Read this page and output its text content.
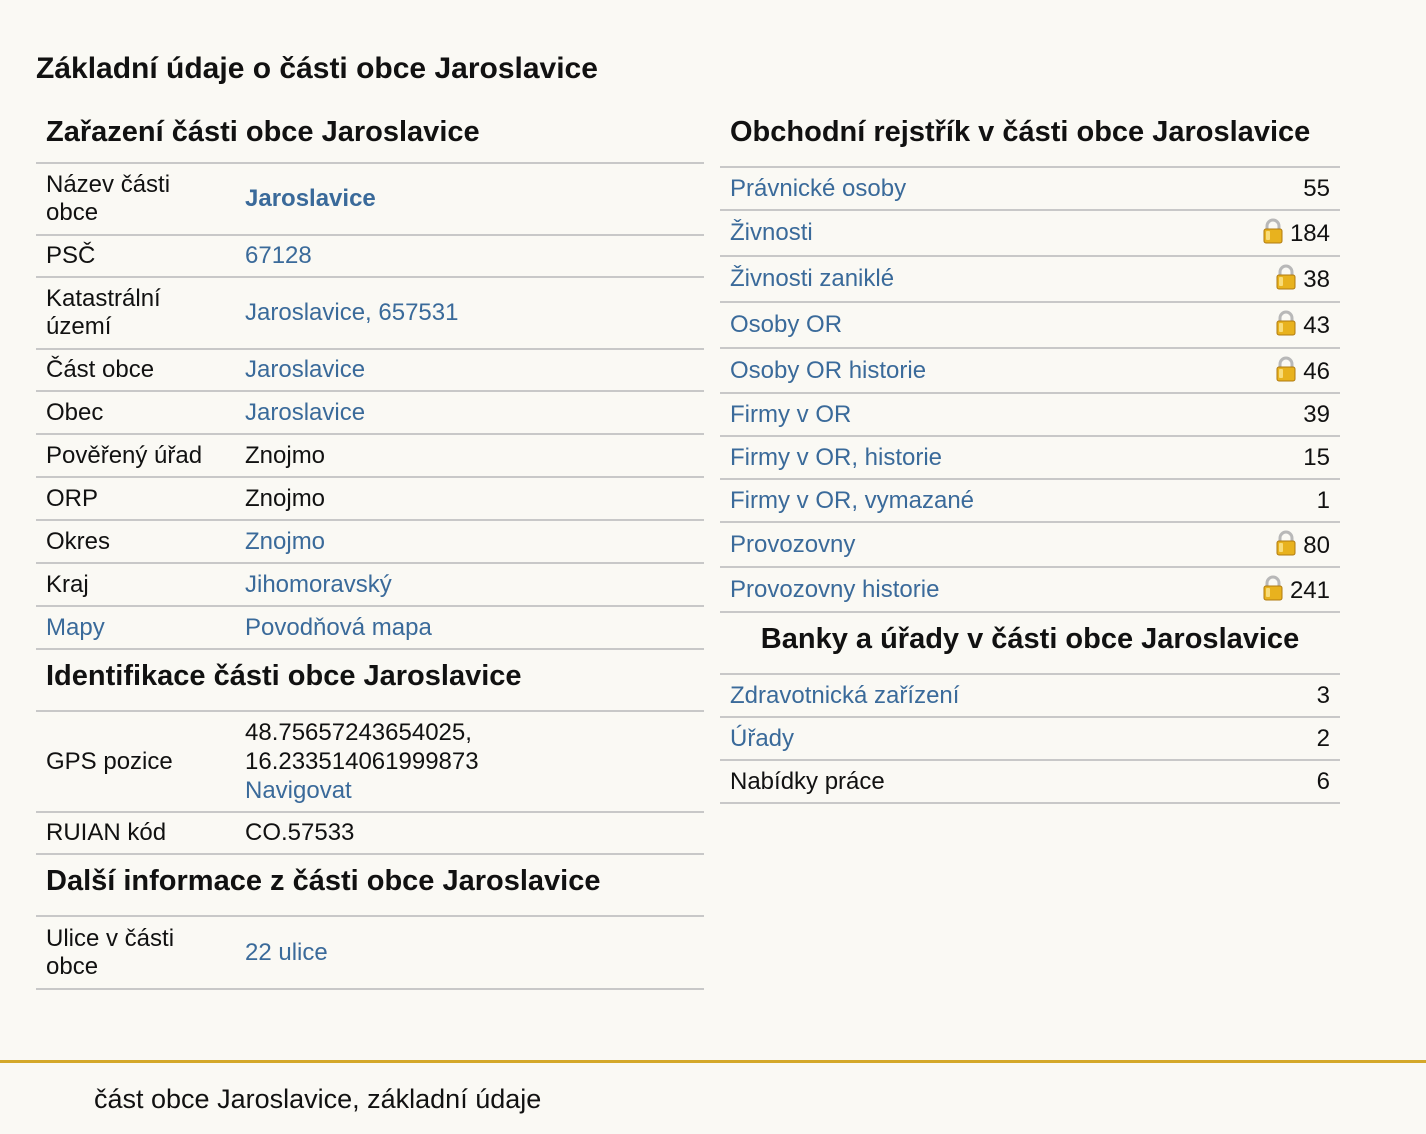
Základní údaje o části obce Jaroslavice
Zařazení části obce Jaroslavice
Název části obce	Jaroslavice
PSČ	67128
Katastrální území	Jaroslavice, 657531
Část obce	Jaroslavice
Obec	Jaroslavice
Pověřený úřad	Znojmo
ORP	Znojmo
Okres	Znojmo
Kraj	Jihomoravský
Mapy	Povodňová mapa
Identifikace části obce Jaroslavice
GPS pozice	48.75657243654025,
16.233514061999873
Navigovat
RUIAN kód	CO.57533
Další informace z části obce Jaroslavice
Ulice v části obce	22 ulice
Obchodní rejstřík v části obce Jaroslavice
Právnické osoby	55
Živnosti	184
Živnosti zaniklé	38
Osoby OR	43
Osoby OR historie	46
Firmy v OR	39
Firmy v OR, historie	15
Firmy v OR, vymazané	1
Provozovny	80
Provozovny historie	241
Banky a úřady v části obce Jaroslavice
Zdravotnická zařízení	3
Úřady	2
Nabídky práce	6
část obce Jaroslavice, základní údaje
